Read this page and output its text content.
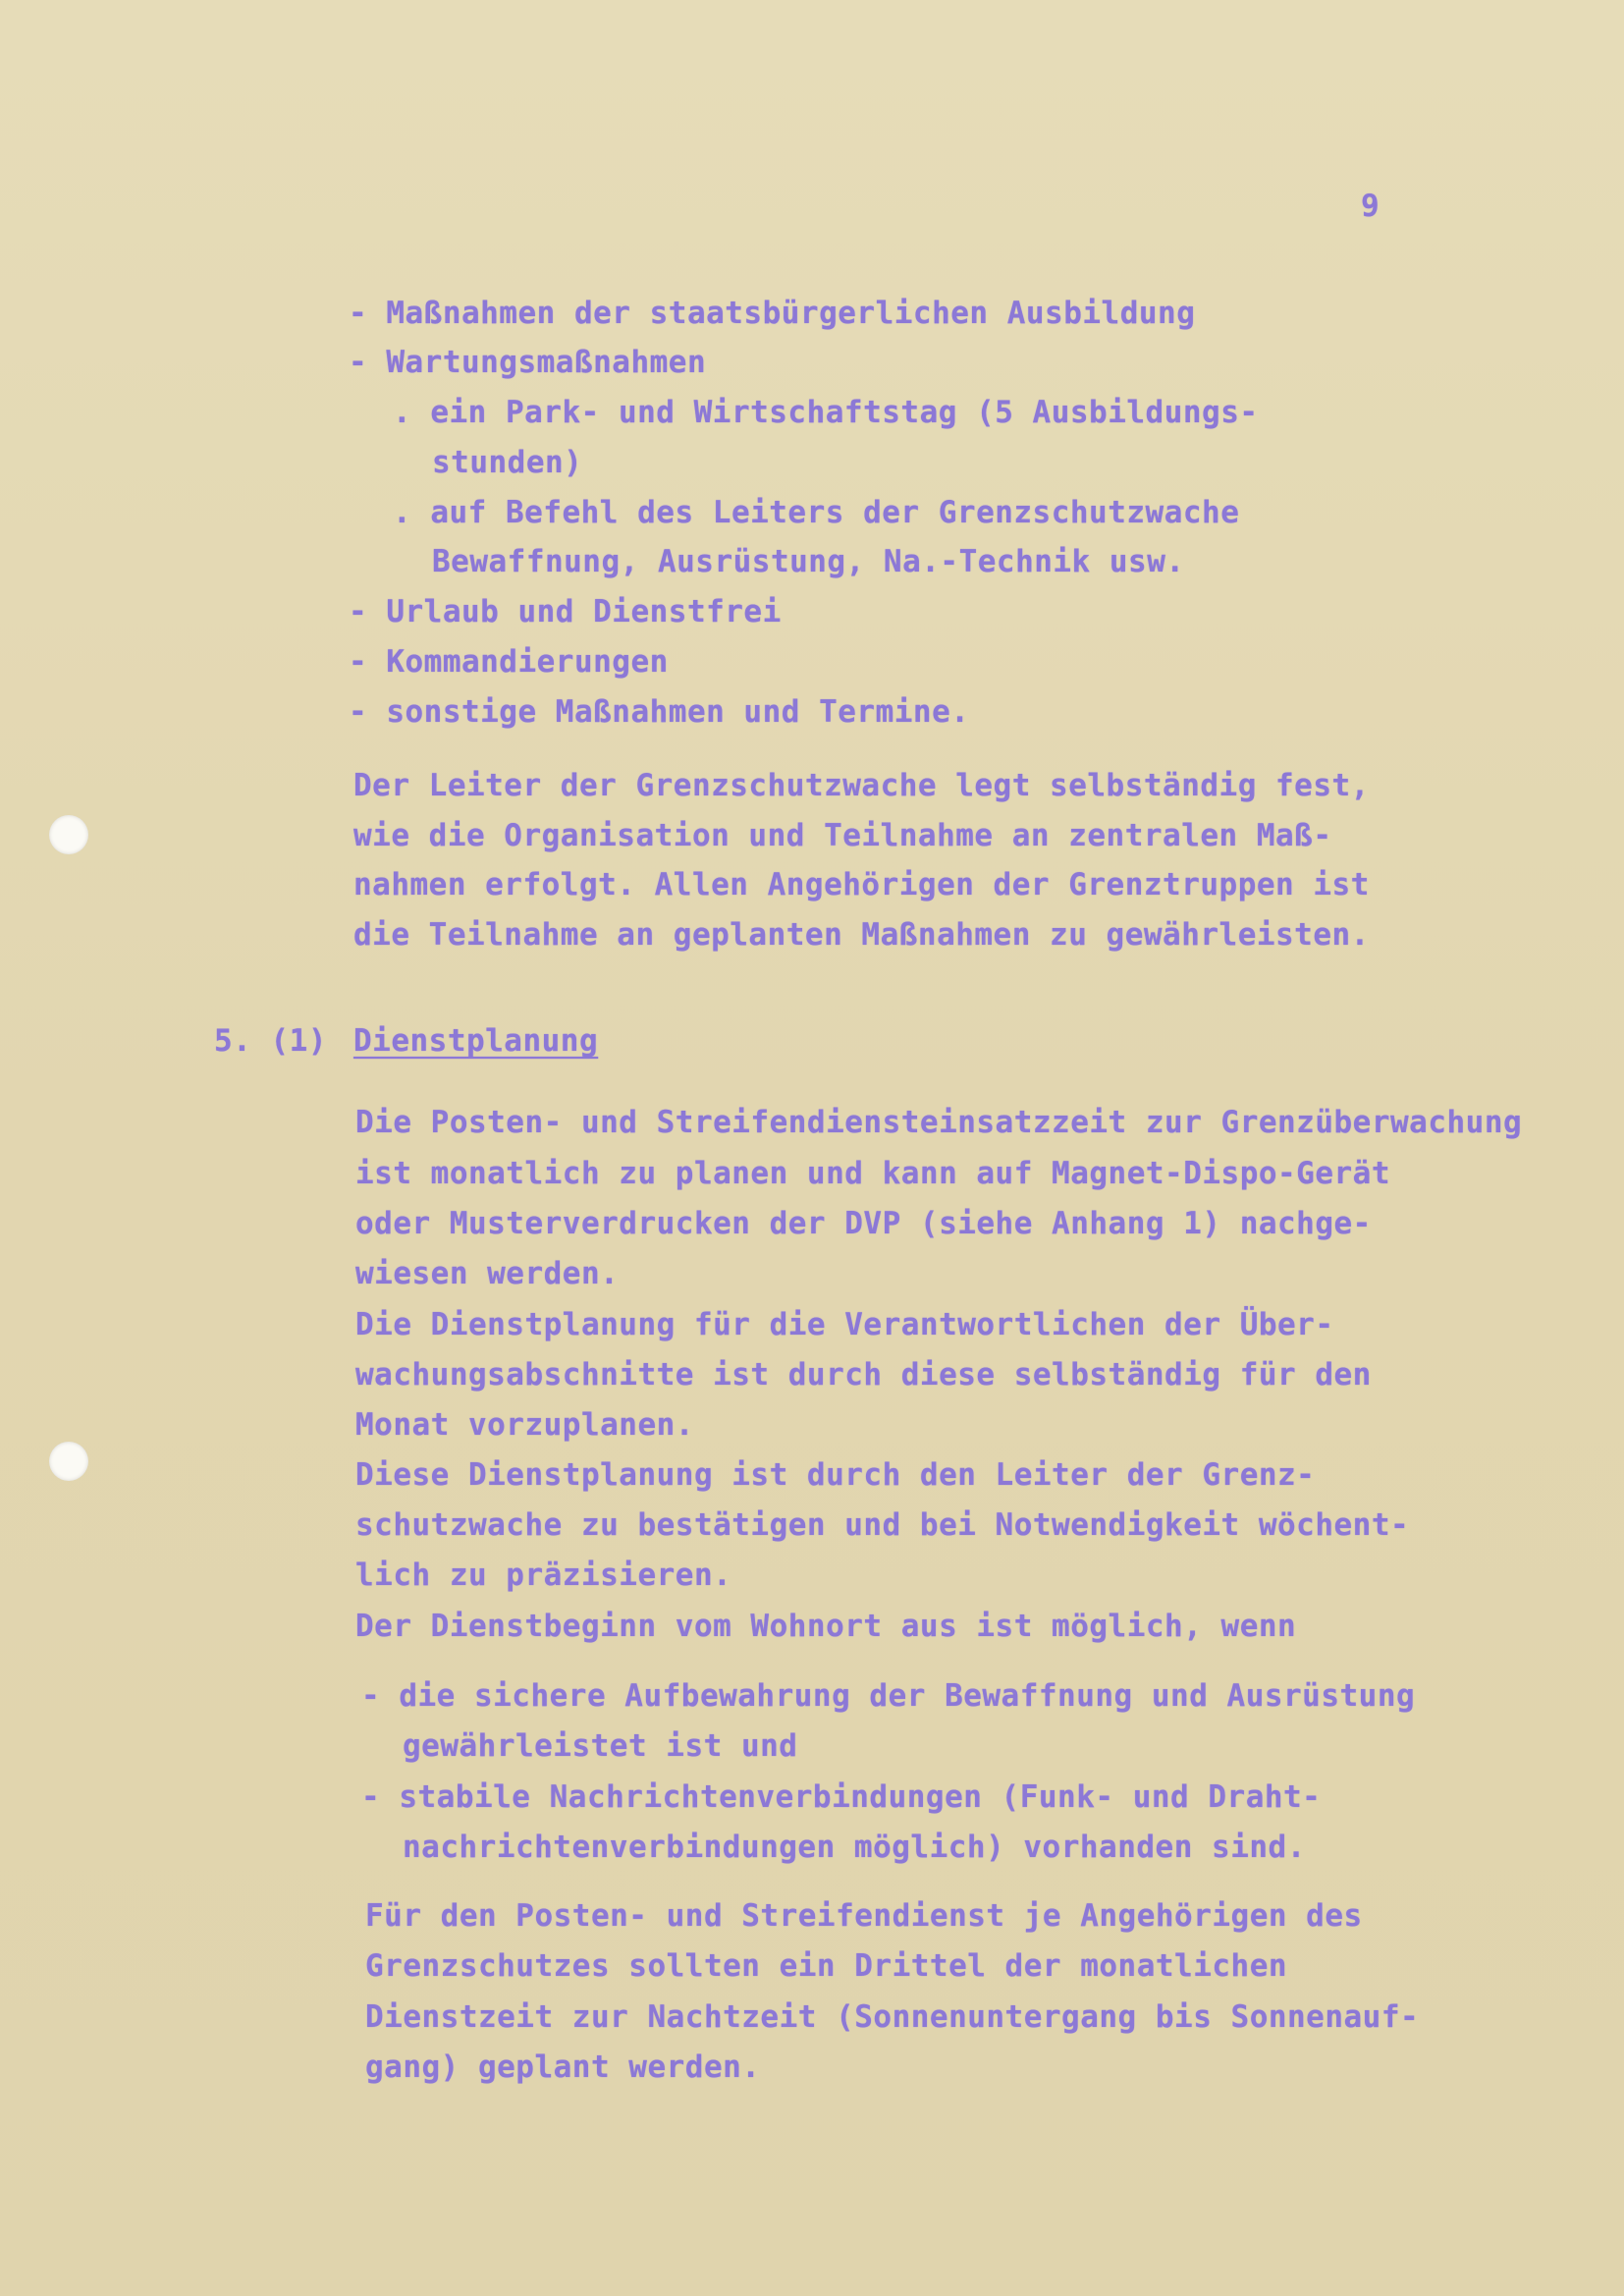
9
- Maßnahmen der staatsbürgerlichen Ausbildung
- Wartungsmaßnahmen
. ein Park- und Wirtschaftstag (5 Ausbildungs-
stunden)
. auf Befehl des Leiters der Grenzschutzwache
Bewaffnung, Ausrüstung, Na.-Technik usw.
- Urlaub und Dienstfrei
- Kommandierungen
- sonstige Maßnahmen und Termine.
Der Leiter der Grenzschutzwache legt selbständig fest,
wie die Organisation und Teilnahme an zentralen Maß-
nahmen erfolgt. Allen Angehörigen der Grenztruppen ist
die Teilnahme an geplanten Maßnahmen zu gewährleisten.
5. (1) Dienstplanung
Die Posten- und Streifendiensteinsatzzeit zur Grenzüberwachung
ist monatlich zu planen und kann auf Magnet-Dispo-Gerät
oder Musterverdrucken der DVP (siehe Anhang 1) nachge-
wiesen werden.
Die Dienstplanung für die Verantwortlichen der Über-
wachungsabschnitte ist durch diese selbständig für den
Monat vorzuplanen.
Diese Dienstplanung ist durch den Leiter der Grenz-
schutzwache zu bestätigen und bei Notwendigkeit wöchent-
lich zu präzisieren.
Der Dienstbeginn vom Wohnort aus ist möglich, wenn
- die sichere Aufbewahrung der Bewaffnung und Ausrüstung
gewährleistet ist und
- stabile Nachrichtenverbindungen (Funk- und Draht-
nachrichtenverbindungen möglich) vorhanden sind.
Für den Posten- und Streifendienst je Angehörigen des
Grenzschutzes sollten ein Drittel der monatlichen
Dienstzeit zur Nachtzeit (Sonnenuntergang bis Sonnenauf-
gang) geplant werden.
